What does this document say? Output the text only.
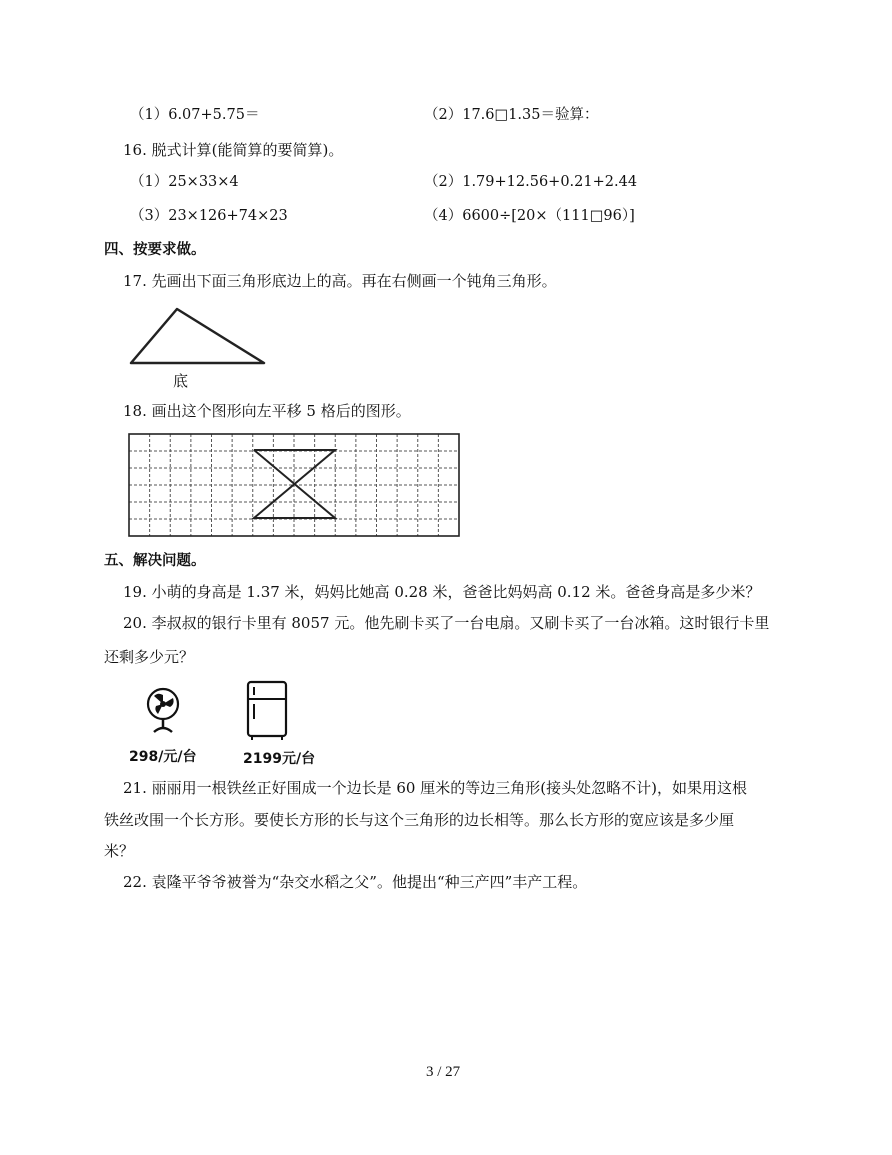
（1）6.07+5.75＝	（2）17.6□1.35＝验算：
16. 脱式计算(能简算的要简算)。
（1）25×33×4	（2）1.79+12.56+0.21+2.44
（3）23×126+74×23	（4）6600÷[20×（111□96）]
四、按要求做。
17. 先画出下面三角形底边上的高。再在右侧画一个钝角三角形。
底
18. 画出这个图形向左平移 5 格后的图形。
五、解决问题。
19. 小萌的身高是 1.37 米，妈妈比她高 0.28 米，爸爸比妈妈高 0.12 米。爸爸身高是多少米？
20. 李叔叔的银行卡里有 8057 元。他先刷卡买了一台电扇。又刷卡买了一台冰箱。这时银行卡里
还剩多少元？
298/元/台	2199元/台
21. 丽丽用一根铁丝正好围成一个边长是 60 厘米的等边三角形(接头处忽略不计)，如果用这根
铁丝改围一个长方形。要使长方形的长与这个三角形的边长相等。那么长方形的宽应该是多少厘
米？
22. 袁隆平爷爷被誉为“杂交水稻之父”。他提出“种三产四”丰产工程。
3 / 27
